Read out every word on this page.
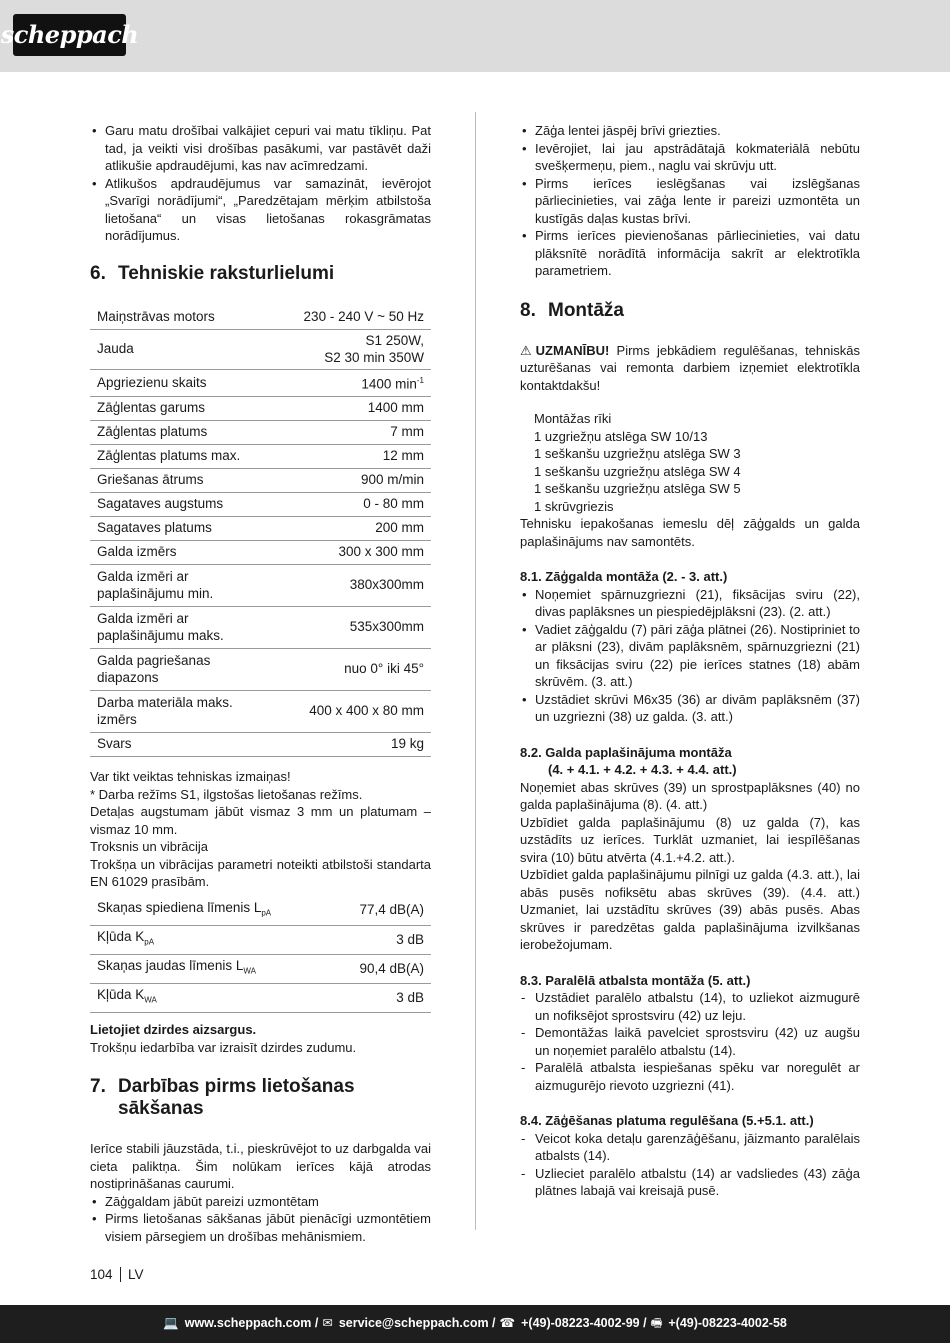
scheppach
• Garu matu drošībai valkājiet cepuri vai matu tīkliņu. Pat tad, ja veikti visi drošības pasākumi, var pastāvēt daži atlikušie apdraudējumi, kas nav acīmredzami.
• Atlikušos apdraudējumus var samazināt, ievērojot „Svarīgi norādījumi“, „Paredzētajam mērķim atbilstoša lietošana“ un visas lietošanas rokasgrāmatas norādījumus.
6. Tehniskie raksturlielumi
Maiņstrāvas motors	230 - 240 V ~ 50 Hz
Jauda	S1 250W,
S2 30 min 350W
Apgriezienu skaits	1400 $\min^{-1}$
Zāģlentas garums	1400 mm
Zāģlentas platums	7 mm
Zāģlentas platums max.	12 mm
Griešanas ātrums	900 m/min
Sagataves augstums	0 - 80 mm
Sagataves platums	200 mm
Galda izmērs	300 x 300 mm
Galda izmēri ar paplašinājumu min.	380x300mm
Galda izmēri ar paplašinājumu maks.	535x300mm
Galda pagriešanas diapazons	nuo 0° iki 45°
Darba materiāla maks. izmērs	400 x 400 x 80 mm
Svars	19 kg

Var tikt veiktas tehniskas izmaiņas!

* Darba režīms S1, ilgstošas lietošanas režīms.

Detaļas augstumam jābūt vismaz 3 mm un platumam – vismaz 10 mm.

Troksnis un vibrācija

Trokšņa un vibrācijas parametri noteikti atbilstoši standarta EN 61029 prasībām.

Skaņas spiediena līmenis $L_{pA}$	77,4 dB(A)
Kļūda $K_{pA}$	3 dB
Skaņas jaudas līmenis $L_{WA}$	90,4 dB(A)
Kļūda $K_{WA}$	3 dB

Lietojiet dzirdes aizsargus.

Trokšņu iedarbība var izraisīt dzirdes zudumu.

7. Darbības pirms lietošanas sākšanas

Ierīce stabili jāuzstāda, t.i., pieskrūvējot to uz darbgalda vai cieta paliktņa. Šim nolūkam ierīces kājā atrodas nostiprināšanas caurumi.

• Zāģgaldam jābūt pareizi uzmontētam
• Pirms lietošanas sākšanas jābūt pienācīgi uzmontētiem visiem pārsegiem un drošības mehānismiem.
• Zāģa lentei jāspēj brīvi griezties.
• Ievērojiet, lai jau apstrādātajā kokmateriālā nebūtu svešķermeņu, piem., naglu vai skrūvju utt.
• Pirms ierīces ieslēgšanas vai izslēgšanas pārliecinieties, vai zāģa lente ir pareizi uzmontēta un kustīgās daļas kustas brīvi.
• Pirms ierīces pievienošanas pārliecinieties, vai datu plāksnītē norādītā informācija sakrīt ar elektrotīkla parametriem.
8. Montāža

⚠ UZMANĪBU! Pirms jebkādiem regulēšanas, tehniskās uzturēšanas vai remonta darbiem izņemiet elektrotīkla kontaktdakšu!

Montāžas rīki

1 uzgriežņu atslēga SW 10/13

1 seškanšu uzgriežņu atslēga SW 3

1 seškanšu uzgriežņu atslēga SW 4

1 seškanšu uzgriežņu atslēga SW 5

1 skrūvgriezis

Tehnisku iepakošanas iemeslu dēļ zāģgalds un galda paplašinājums nav samontēts.

8.1. Zāģgalda montāža (2. - 3. att.)
• Noņemiet spārnuzgriezni (21), fiksācijas sviru (22), divas paplāksnes un piespiedējplāksni (23). (2. att.)
• Vadiet zāģgaldu (7) pāri zāģa plātnei (26). Nostipriniet to ar plāksni (23), divām paplāksnēm, spārnuzgriezni (21) un fiksācijas sviru (22) pie ierīces statnes (18) abām skrūvēm. (3. att.)
• Uzstādiet skrūvi M6x35 (36) ar divām paplāksnēm (37) un uzgriezni (38) uz galda. (3. att.)
8.2. Galda paplašinājuma montāža
(4. + 4.1. + 4.2. + 4.3. + 4.4. att.)

Noņemiet abas skrūves (39) un sprostpaplāksnes (40) no galda paplašinājuma (8). (4. att.)

Uzbīdiet galda paplašinājumu (8) uz galda (7), kas uzstādīts uz ierīces. Turklāt uzmaniet, lai iespīlēšanas svira (10) būtu atvērta (4.1.+4.2. att.).

Uzbīdiet galda paplašinājumu pilnīgi uz galda (4.3. att.), lai abās pusēs nofiksētu abas skrūves (39). (4.4. att.) Uzmaniet, lai uzstādītu skrūves (39) abās pusēs. Abas skrūves ir paredzētas galda paplašinājuma izvilkšanas ierobežojumam.

8.3. Paralēlā atbalsta montāža (5. att.)
- Uzstādiet paralēlo atbalstu (14), to uzliekot aizmugurē un nofiksējot sprostsviru (42) uz leju.
- Demontāžas laikā pavelciet sprostsviru (42) uz augšu un noņemiet paralēlo atbalstu (14).
- Paralēlā atbalsta iespiešanas spēku var noregulēt ar aizmugurējo rievoto uzgriezni (41).
8.4. Zāģēšanas platuma regulēšana (5.+5.1. att.)
- Veicot koka detaļu garenzāģēšanu, jāizmanto paralēlais atbalsts (14).
- Uzlieciet paralēlo atbalstu (14) ar vadsliedes (43) zāģa plātnes labajā vai kreisajā pusē.
104 LV
💻 www.scheppach.com / ✉ service@scheppach.com / ☎ +(49)-08223-4002-99 / 🖷 +(49)-08223-4002-58
